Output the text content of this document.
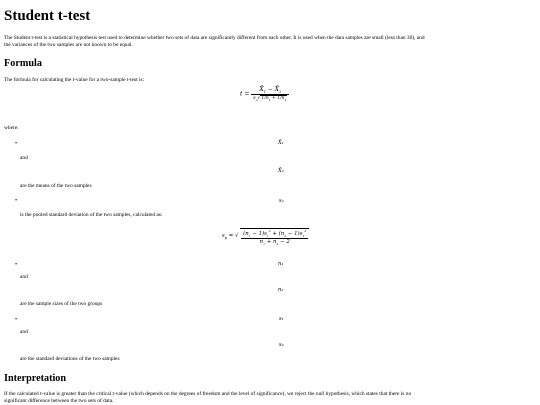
Student t-test

The Student t-test is a statistical hypothesis test used to determine whether two sets of data are significantly different from each other. It is used when the data samples are small (less than 30), and
the variances of the two samples are not known to be equal.

Formula

The formula for calculating the t-value for a two-sample t-test is:

$t = \frac{X̄_1 - X̄_2}{s_p√1/n_1 + 1/n_2}$

where:

•	X̄₁

and

X̄₂

are the means of the two samples

•	sₚ

is the pooled standard deviation of the two samples, calculated as:

$s_p$ = √ $\frac{(n_1 - 1)s_1^2 + (n_2 - 1)s_2^2}{n_1 + n_2 - 2}$
•	n₁

and

n₂

are the sample sizes of the two groups

•	s₁

and

s₂

are the standard deviations of the two samples

Interpretation

If the calculated t-value is greater than the critical t-value (which depends on the degrees of freedom and the level of significance), we reject the null hypothesis, which states that there is no
significant difference between the two sets of data.
